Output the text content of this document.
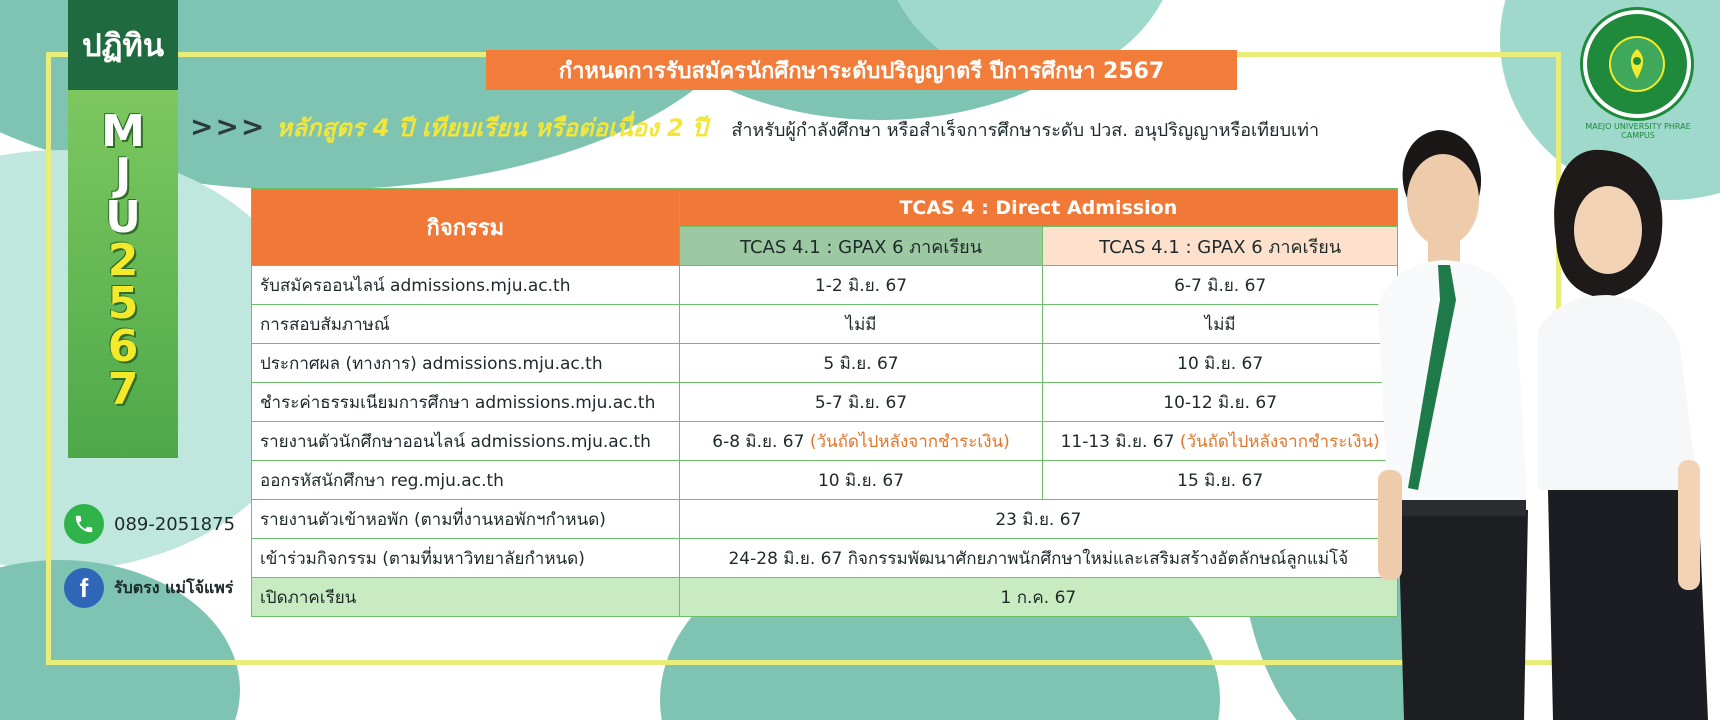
ปฏิทิน
M
J
U
2
5
6
7
089-2051875
f	รับตรง แม่โจ้แพร่
กำหนดการรับสมัครนักศึกษาระดับปริญญาตรี ปีการศึกษา 2567
>>> หลักสูตร 4 ปี เทียบเรียน หรือต่อเนื่อง 2 ปี สำหรับผู้กำลังศึกษา หรือสำเร็จการศึกษาระดับ ปวส. อนุปริญญาหรือเทียบเท่า
กิจกรรม	TCAS 4 : Direct Admission	
	TCAS 4.1 : GPAX 6 ภาคเรียน	TCAS 4.1 : GPAX 6 ภาคเรียน
รับสมัครออนไลน์ admissions.mju.ac.th	1-2 มิ.ย. 67	6-7 มิ.ย. 67
การสอบสัมภาษณ์	ไม่มี	ไม่มี
ประกาศผล (ทางการ) admissions.mju.ac.th	5 มิ.ย. 67	10 มิ.ย. 67
ชำระค่าธรรมเนียมการศึกษา admissions.mju.ac.th	5-7 มิ.ย. 67	10-12 มิ.ย. 67
รายงานตัวนักศึกษาออนไลน์ admissions.mju.ac.th	6-8 มิ.ย. 67 (วันถัดไปหลังจากชำระเงิน)	11-13 มิ.ย. 67 (วันถัดไปหลังจากชำระเงิน)
ออกรหัสนักศึกษา reg.mju.ac.th	10 มิ.ย. 67	15 มิ.ย. 67
รายงานตัวเข้าหอพัก (ตามที่งานหอพักฯกำหนด)	23 มิ.ย. 67	
เข้าร่วมกิจกรรม (ตามที่มหาวิทยาลัยกำหนด)	24-28 มิ.ย. 67 กิจกรรมพัฒนาศักยภาพนักศึกษาใหม่และเสริมสร้างอัตลักษณ์ลูกแม่โจ้	
เปิดภาคเรียน	1 ก.ค. 67	
MAEJO UNIVERSITY PHRAE CAMPUS
